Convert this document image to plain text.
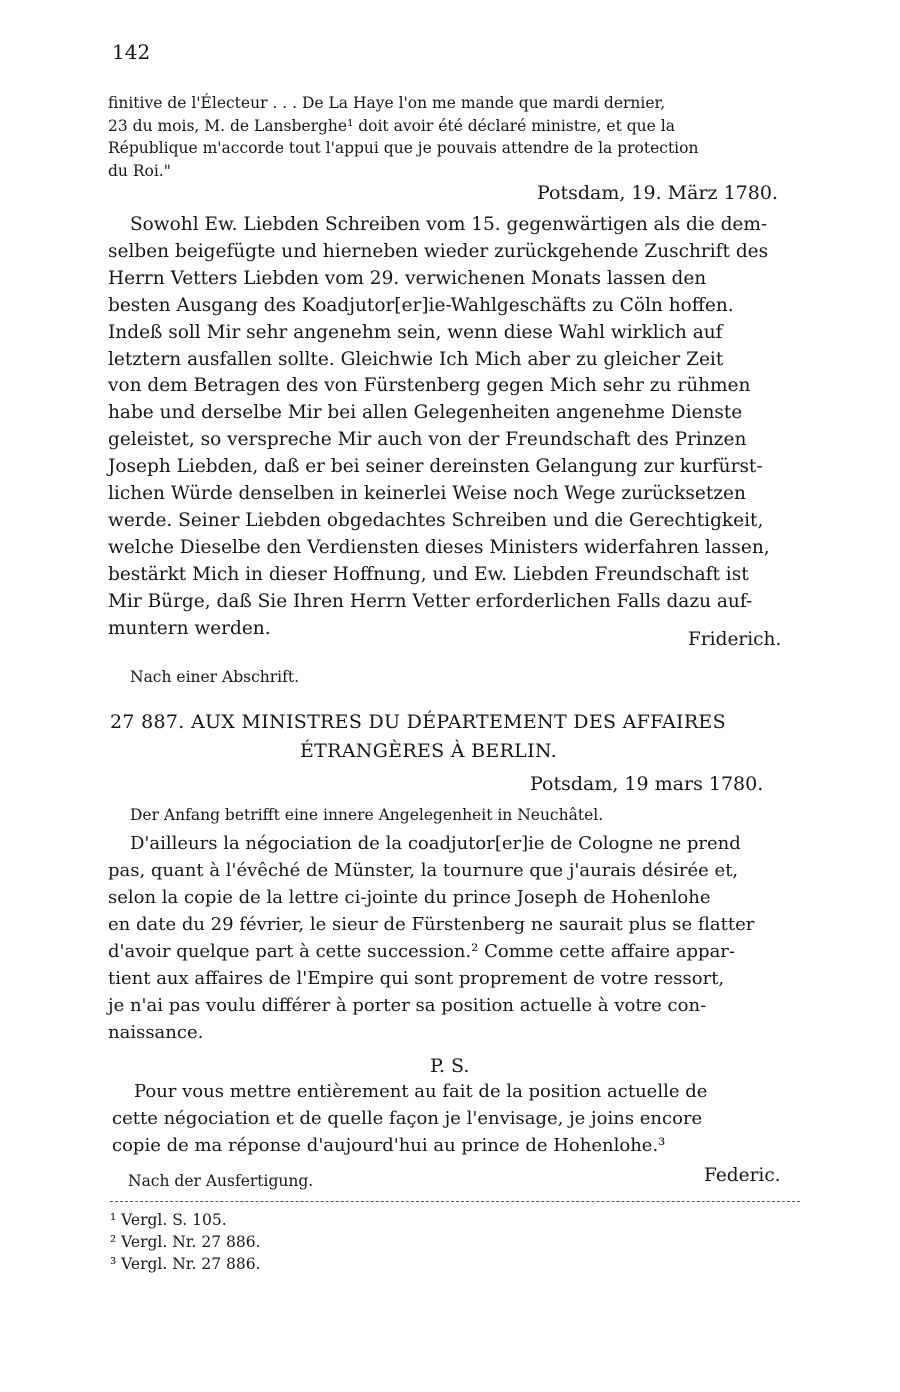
142
finitive de l'Électeur . . . De La Haye l'on me mande que mardi dernier,
23 du mois, M. de Lansberghe¹ doit avoir été déclaré ministre, et que la
République m'accorde tout l'appui que je pouvais attendre de la protection
du Roi."
Potsdam, 19. März 1780.
Sowohl Ew. Liebden Schreiben vom 15. gegenwärtigen als die dem-
selben beigefügte und hierneben wieder zurückgehende Zuschrift des
Herrn Vetters Liebden vom 29. verwichenen Monats lassen den
besten Ausgang des Koadjutor[er]ie-Wahlgeschäfts zu Cöln hoffen.
Indeß soll Mir sehr angenehm sein, wenn diese Wahl wirklich auf
letztern ausfallen sollte. Gleichwie Ich Mich aber zu gleicher Zeit
von dem Betragen des von Fürstenberg gegen Mich sehr zu rühmen
habe und derselbe Mir bei allen Gelegenheiten angenehme Dienste
geleistet, so verspreche Mir auch von der Freundschaft des Prinzen
Joseph Liebden, daß er bei seiner dereinsten Gelangung zur kurfürst-
lichen Würde denselben in keinerlei Weise noch Wege zurücksetzen
werde. Seiner Liebden obgedachtes Schreiben und die Gerechtigkeit,
welche Dieselbe den Verdiensten dieses Ministers widerfahren lassen,
bestärkt Mich in dieser Hoffnung, und Ew. Liebden Freundschaft ist
Mir Bürge, daß Sie Ihren Herrn Vetter erforderlichen Falls dazu auf-
muntern werden.
Friderich.
Nach einer Abschrift.
27 887. AUX MINISTRES DU DÉPARTEMENT DES AFFAIRES
ÉTRANGÈRES À BERLIN.
Potsdam, 19 mars 1780.
Der Anfang betrifft eine innere Angelegenheit in Neuchâtel.
D'ailleurs la négociation de la coadjutor[er]ie de Cologne ne prend
pas, quant à l'évêché de Münster, la tournure que j'aurais désirée et,
selon la copie de la lettre ci-jointe du prince Joseph de Hohenlohe
en date du 29 février, le sieur de Fürstenberg ne saurait plus se flatter
d'avoir quelque part à cette succession.² Comme cette affaire appar-
tient aux affaires de l'Empire qui sont proprement de votre ressort,
je n'ai pas voulu différer à porter sa position actuelle à votre con-
naissance.
P. S.
Pour vous mettre entièrement au fait de la position actuelle de
cette négociation et de quelle façon je l'envisage, je joins encore
copie de ma réponse d'aujourd'hui au prince de Hohenlohe.³
Federic.
Nach der Ausfertigung.
¹ Vergl. S. 105.
² Vergl. Nr. 27 886.
³ Vergl. Nr. 27 886.
